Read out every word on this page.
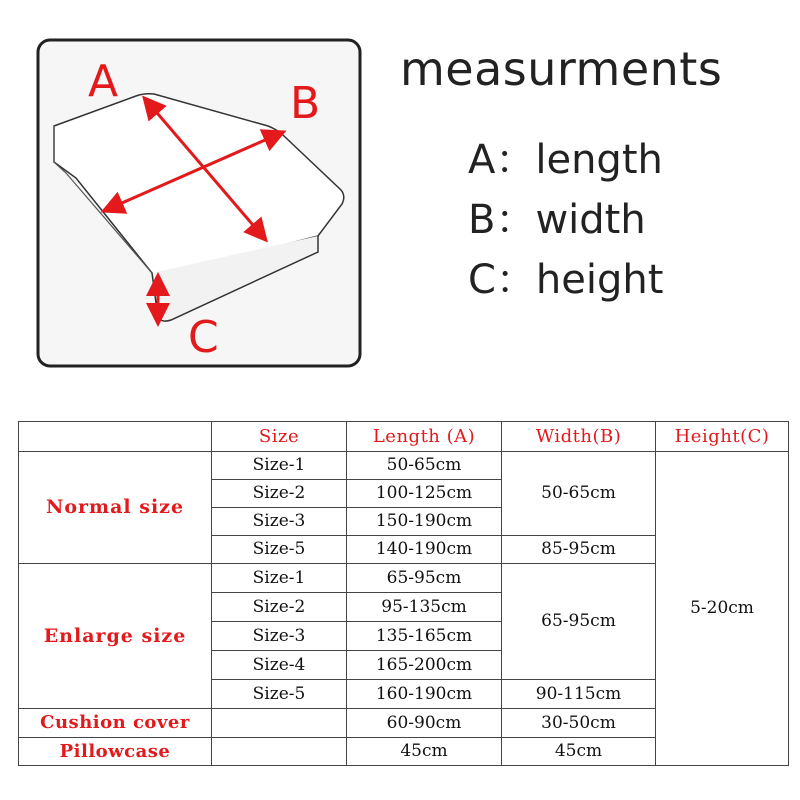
A	B
C
measurments
A：length
B：width
C：height
	Size	Length (A)	Width(B)	Height(C)
Normal size	Size-1	50-65cm	50-65cm	5-20cm
	Size-2	100-125cm		
	Size-3	150-190cm		
	Size-5	140-190cm	85-95cm	
Enlarge size	Size-1	65-95cm	65-95cm	
	Size-2	95-135cm		
	Size-3	135-165cm		
	Size-4	165-200cm		
	Size-5	160-190cm	90-115cm	
Cushion cover		60-90cm	30-50cm	
Pillowcase		45cm	45cm	
